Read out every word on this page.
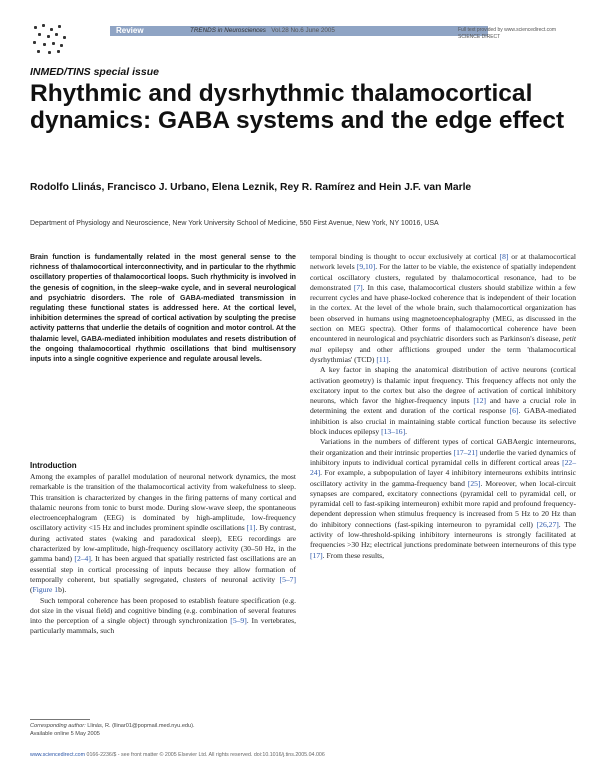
Review	TRENDS in Neurosciences Vol.28 No.6 June 2005	Full text provided by www.sciencedirect.com
SCIENCE DIRECT
INMED/TINS special issue
Rhythmic and dysrhythmic thalamocortical dynamics: GABA systems and the edge effect
Rodolfo Llinás, Francisco J. Urbano, Elena Leznik, Rey R. Ramírez and Hein J.F. van Marle
Department of Physiology and Neuroscience, New York University School of Medicine, 550 First Avenue, New York, NY 10016, USA

Brain function is fundamentally related in the most general sense to the richness of thalamocortical interconnectivity, and in particular to the rhythmic oscillatory properties of thalamocortical loops. Such rhythmicity is involved in the genesis of cognition, in the sleep–wake cycle, and in several neurological and psychiatric disorders. The role of GABA-mediated transmission in regulating these functional states is addressed here. At the cortical level, inhibition determines the spread of cortical activation by sculpting the precise activity patterns that underlie the details of cognition and motor control. At the thalamic level, GABA-mediated inhibition modulates and resets distribution of the ongoing thalamocortical rhythmic oscillations that bind multisensory inputs into a single cognitive experience and regulate arousal levels.

Introduction

Among the examples of parallel modulation of neuronal network dynamics, the most remarkable is the transition of the thalamocortical activity from wakefulness to sleep. This transition is characterized by changes in the firing patterns of many cortical and thalamic neurons from tonic to burst mode. During slow-wave sleep, the spontaneous electroencephalogram (EEG) is dominated by high-amplitude, low-frequency oscillatory activity <15 Hz and includes prominent spindle oscillations [1]. By contrast, during activated states (waking and paradoxical sleep), EEG recordings are characterized by low-amplitude, high-frequency oscillatory activity (30–50 Hz, in the gamma band) [2–4]. It has been argued that spatially restricted fast oscillations are an essential step in cortical processing of inputs because they allow formation of temporally coherent, but spatially segregated, clusters of neuronal activity [5–7] (Figure 1b).

Such temporal coherence has been proposed to establish feature specification (e.g. dot size in the visual field) and cognitive binding (e.g. combination of several features into the perception of a single object) through synchronization [5–9]. In vertebrates, particularly mammals, such

temporal binding is thought to occur exclusively at cortical [8] or at thalamocortical network levels [9,10]. For the latter to be viable, the existence of spatially independent cortical oscillatory clusters, regulated by thalamocortical resonance, had to be demonstrated [7]. In this case, thalamocortical clusters should stabilize within a few recurrent cycles and have phase-locked coherence that is independent of their location in the cortex. At the level of the whole brain, such thalamocortical organization has been observed in humans using magnetoencephalography (MEG, as discussed in the section on MEG spectra). Other forms of thalamocortical coherence have been encountered in neurological and psychiatric disorders such as Parkinson's disease, petit mal epilepsy and other afflictions grouped under the term 'thalamocortical dysrhythmias' (TCD) [11].

A key factor in shaping the anatomical distribution of active neurons (cortical activation geometry) is thalamic input frequency. This frequency affects not only the excitatory input to the cortex but also the degree of activation of cortical inhibitory neurons, which favor the higher-frequency inputs [12] and have a crucial role in determining the extent and duration of the cortical response [6]. GABA-mediated inhibition is also crucial in maintaining stable cortical function because its selective block induces epilepsy [13–16].

Variations in the numbers of different types of cortical GABAergic interneurons, their organization and their intrinsic properties [17–21] underlie the varied dynamics of inhibitory inputs to individual cortical pyramidal cells in different cortical areas [22–24]. For example, a subpopulation of layer 4 inhibitory interneurons exhibits intrinsic oscillatory activity in the gamma-frequency band [25]. Moreover, when local-circuit synapses are compared, excitatory connections (pyramidal cell to pyramidal cell, or pyramidal cell to fast-spiking interneuron) exhibit more rapid and profound frequency-dependent depression when stimulus frequency is increased from 5 Hz to 20 Hz than do inhibitory connections (fast-spiking interneuron to pyramidal cell) [26,27]. The activity of low-threshold-spiking inhibitory interneurons is strongly facilitated at frequencies >30 Hz; electrical junctions predominate between interneurons of this type [17]. From these results,

Corresponding author: Llinás, R. (llinar01@popmail.med.nyu.edu).
Available online 5 May 2005
www.sciencedirect.com 0166-2236/$ - see front matter © 2005 Elsevier Ltd. All rights reserved. doi:10.1016/j.tins.2005.04.006
